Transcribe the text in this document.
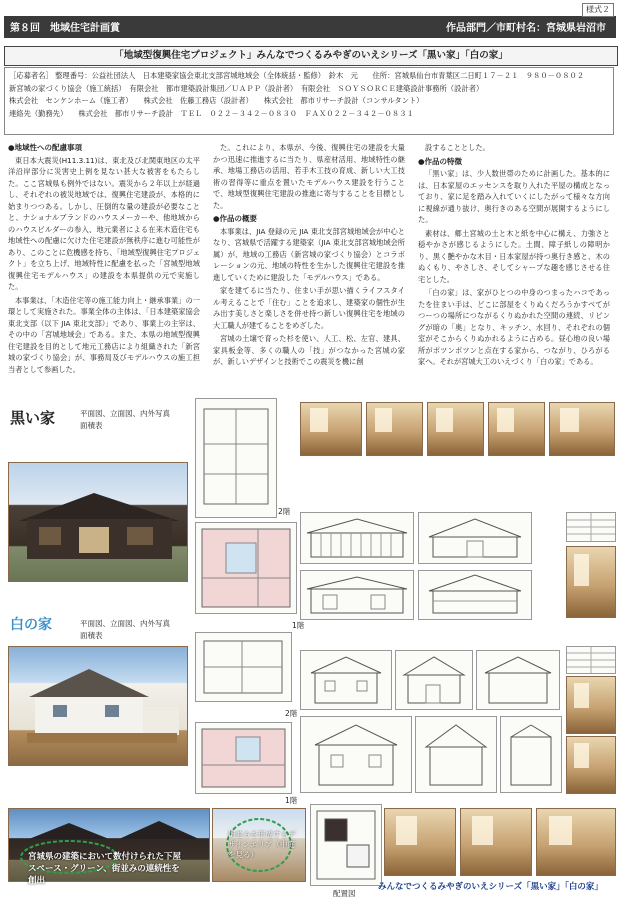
第８回　地域住宅計画賞	作品部門／市町村名：宮城県岩沼市
様式２
「地域型復興住宅プロジェクト」みんなでつくるみやぎのいえシリーズ「黒い家」「白の家」
［応募者名］ 整理番号：公益社団法人　日本建築家協会東北支部宮城地域会（全体統括・監修）　鈴木　元　　住所：宮城県仙台市青葉区二日町１７－２１　９８０－０８０２
新宮城の家づくり協会（施工統括）　有限会社　都市建築設計集団／ＵＡＰＰ（設計者）　有限会社　ＳＯＹＳＯＲＣＥ建築設計事務所（設計者）
株式会社　センケンホーム（施工者）　　株式会社　佐藤工務店（設計者）　　株式会社　都市リサーチ設計（コンサルタント）
連絡先（勤務先）　　株式会社　都市リサーチ設計　ＴＥＬ　０２２－３４２－０８３０　ＦＡＸ０２２－３４２－０８３１
●地域性への配慮事項

東日本大震災(H11.3.11)は、東北及び北関東地区の太平洋沿岸部分に災害史上例を見ない甚大な被害をもたらした。ここ宮城県も例外ではない。震災から２年以上が経過し、それぞれの被災地域では、復興住宅建設が、本格的に始まりつつある。しかし、圧倒的な量の建設が必要なことと、ナショナルブランドのハウスメーカーや、他地域からのハウスビルダーの参入、地元業者による在来木造住宅も地域性への配慮に欠けた住宅建設が無秩序に進む可能性があり、このことに危機感を持ち、「地域型復興住宅プロジェクト」を立ち上げ、地域特性に配慮を払った「宮城型地域復興住宅モデルハウス」の建設を本県提供の元で実施した。

本事業は、「木造住宅等の施工能力向上・継承事業」の一環として実施された。事業全体の主体は、「日本建築家協会東北支部（以下 JIA 東北支部）」であり、事業上の主宰は、その中の「宮城地域会」である。また、本県の地域型復興住宅建設を目的として地元工務店により組織された「新宮城の家づくり協会」が、事務局及びモデルハウスの施工担当者として参画した。

た。これにより、本県が、今後、復興住宅の建設を大量かつ迅速に推進するに当たり、県産材活用、地域特性の継承、地場工務店の活用、若手木工技の育成、新しい大工技術の習得等に重点を置いたモデルハウス建設を行うことで、地域型復興住宅建設の推進に寄与することを目標とした。

●作品の概要

本事業は、JIA 登録の元 JIA 東北支部宮城地域会が中心となり、宮城県で活躍する建築家（JIA 東北支部宮城地域会所属）が、地域の工務店（新宮城の家づくり協会）とコラボレーションの元、地域の特性を生かした復興住宅建設を推進していくために建設した「モデルハウス」である。

家を建てるに当たり、住まい手が思い描くライフスタイル考えることで「住む」ことを追求し、建築家の個性が生み出す美しさと楽しさを併せ持つ新しい復興住宅を地域の大工職人が建てることをめざした。

宮城の土壌で育った杉を使い、人工、松、左官、建具、家具板金等、多くの職人の「技」がつなかった宮城の家が、新しいデザインと技術でこの震災を機に創

設することとした。

●作品の特徴

「黒い家」は、少人数世帯のために計画した。基本的には、日本家屋のエッセンスを取り入れた平屋の構成となっており、家に足を踏み入れていくにしたがって様々な方向に視線が通り抜け、奥行きのある空間が展開するようにした。

素材は、郷土宮城の土と木と紙を中心に構え、力強さと穏やかさが感じるようにした。土間、障子紙しの障明かり、黒く艶やかな木目・日本家屋が持つ奥行き感と、木のぬくもり、やさしさ、そしてシャープな趣を感じさせる住宅とした。

「白の家」は、家がひとつの中身のつまったハコであったを住まい手は、どこに部屋をくりぬくだろうかすべてがつーつの場所につながるくりぬかれた空間の連続、リビングが暗の「奥」となり、キッチン、水回り、それぞれの個室がそこからくりぬかれるように占める。昼心地の良い場所がポツンポツンと点在する家から、つながり、ひろがる家へ。それが宮城大工のいえづくり「白の家」である。

黒い家	平面図、立面図、内外写真
面積表
2階
1階
白の家	平面図、立面図、内外写真
面積表
2階
1階
宮城県の建築において数付けられた下屋スペース・グリーン、街並みの連続性を創出
街並みを形成するデザインエリア（中庭を見る）
配置図
みんなでつくるみやぎのいえシリーズ「黒い家」「白の家」
